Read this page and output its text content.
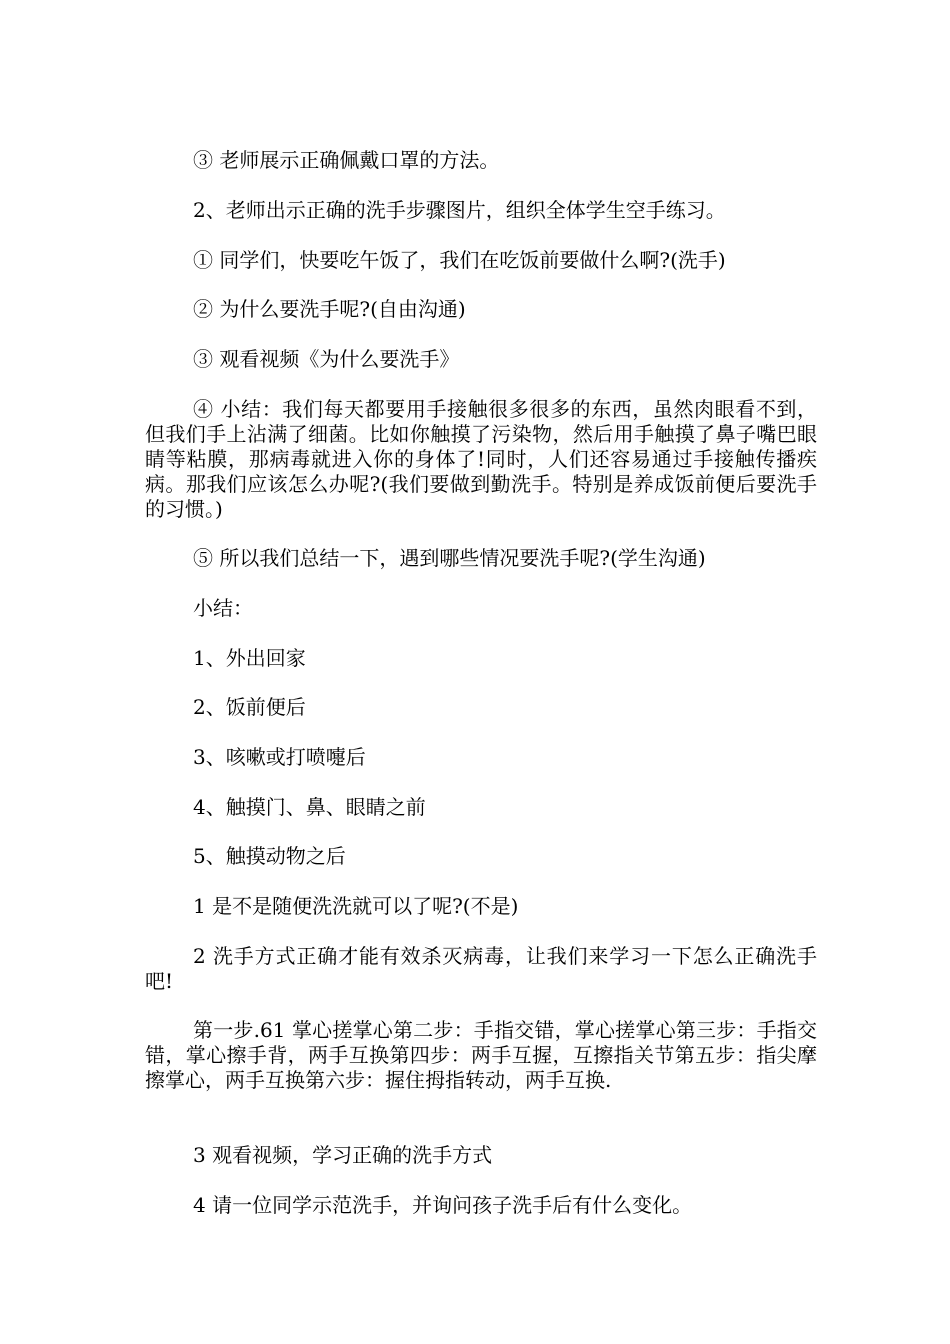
③ 老师展示正确佩戴口罩的方法。

2、老师出示正确的洗手步骤图片，组织全体学生空手练习。

① 同学们，快要吃午饭了，我们在吃饭前要做什么啊?(洗手)

② 为什么要洗手呢?(自由沟通)

③ 观看视频《为什么要洗手》

④ 小结：我们每天都要用手接触很多很多的东西，虽然肉眼看不到，但我们手上沾满了细菌。比如你触摸了污染物，然后用手触摸了鼻子嘴巴眼睛等粘膜，那病毒就进入你的身体了!同时，人们还容易通过手接触传播疾病。那我们应该怎么办呢?(我们要做到勤洗手。特别是养成饭前便后要洗手的习惯。)

⑤ 所以我们总结一下，遇到哪些情况要洗手呢?(学生沟通)

小结：

1、外出回家

2、饭前便后

3、咳嗽或打喷嚏后

4、触摸门、鼻、眼睛之前

5、触摸动物之后

1 是不是随便洗洗就可以了呢?(不是)

2 洗手方式正确才能有效杀灭病毒，让我们来学习一下怎么正确洗手吧!

第一步.61 掌心搓掌心第二步：手指交错，掌心搓掌心第三步：手指交错，掌心擦手背，两手互换第四步：两手互握，互擦指关节第五步：指尖摩擦掌心，两手互换第六步：握住拇指转动，两手互换.

3 观看视频，学习正确的洗手方式

4 请一位同学示范洗手，并询问孩子洗手后有什么变化。
